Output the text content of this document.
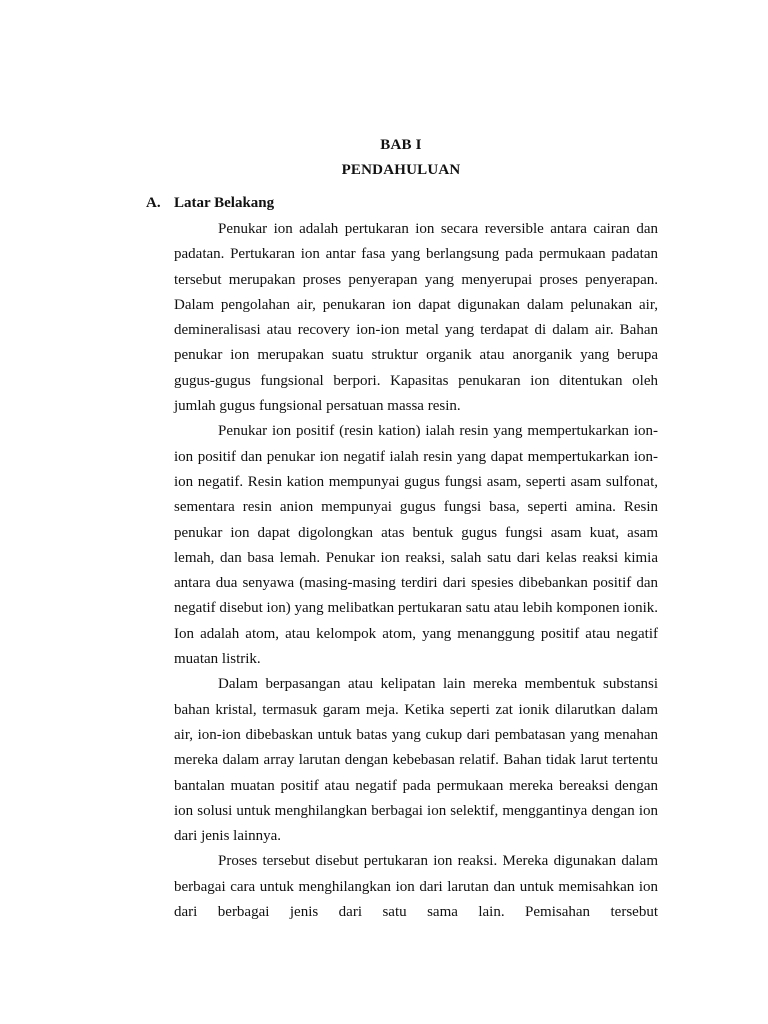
BAB I
PENDAHULUAN
A. Latar Belakang

Penukar ion adalah pertukaran ion secara reversible antara cairan dan padatan. Pertukaran ion antar fasa yang berlangsung pada permukaan padatan tersebut merupakan proses penyerapan yang menyerupai proses penyerapan. Dalam pengolahan air, penukaran ion dapat digunakan dalam pelunakan air, demineralisasi atau recovery ion-ion metal yang terdapat di dalam air. Bahan penukar ion merupakan suatu struktur organik atau anorganik yang berupa gugus-gugus fungsional berpori. Kapasitas penukaran ion ditentukan oleh jumlah gugus fungsional persatuan massa resin.

Penukar ion positif (resin kation) ialah resin yang mempertukarkan ion-ion positif dan penukar ion negatif ialah resin yang dapat mempertukarkan ion-ion negatif. Resin kation mempunyai gugus fungsi asam, seperti asam sulfonat, sementara resin anion mempunyai gugus fungsi basa, seperti amina. Resin penukar ion dapat digolongkan atas bentuk gugus fungsi asam kuat, asam lemah, dan basa lemah. Penukar ion reaksi, salah satu dari kelas reaksi kimia antara dua senyawa (masing-masing terdiri dari spesies dibebankan positif dan negatif disebut ion) yang melibatkan pertukaran satu atau lebih komponen ionik. Ion adalah atom, atau kelompok atom, yang menanggung positif atau negatif muatan listrik.

Dalam berpasangan atau kelipatan lain mereka membentuk substansi bahan kristal, termasuk garam meja. Ketika seperti zat ionik dilarutkan dalam air, ion-ion dibebaskan untuk batas yang cukup dari pembatasan yang menahan mereka dalam array larutan dengan kebebasan relatif. Bahan tidak larut tertentu bantalan muatan positif atau negatif pada permukaan mereka bereaksi dengan ion solusi untuk menghilangkan berbagai ion selektif, menggantinya dengan ion dari jenis lainnya.

Proses tersebut disebut pertukaran ion reaksi. Mereka digunakan dalam berbagai cara untuk menghilangkan ion dari larutan dan untuk memisahkan ion dari berbagai jenis dari satu sama lain. Pemisahan tersebut
